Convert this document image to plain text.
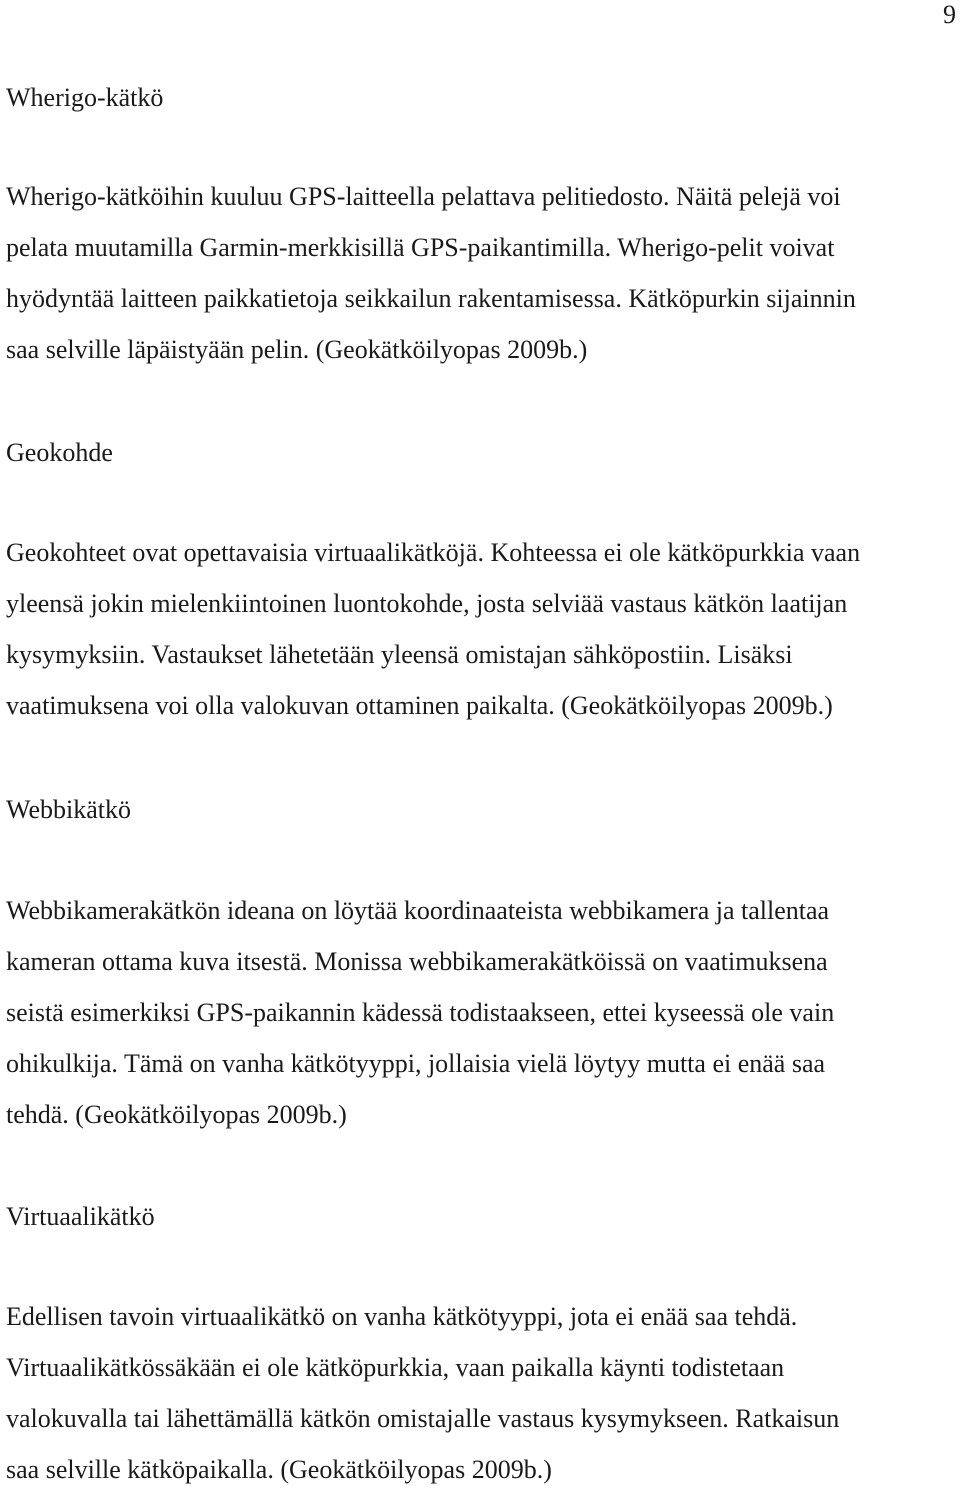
9
Wherigo-kätkö
Wherigo-kätköihin kuuluu GPS-laitteella pelattava pelitiedosto. Näitä pelejä voi
pelata muutamilla Garmin-merkkisillä GPS-paikantimilla. Wherigo-pelit voivat
hyödyntää laitteen paikkatietoja seikkailun rakentamisessa. Kätköpurkin sijainnin
saa selville läpäistyään pelin. (Geokätköilyopas 2009b.)
Geokohde
Geokohteet ovat opettavaisia virtuaalikätköjä. Kohteessa ei ole kätköpurkkia vaan
yleensä jokin mielenkiintoinen luontokohde, josta selviää vastaus kätkön laatijan
kysymyksiin. Vastaukset lähetetään yleensä omistajan sähköpostiin. Lisäksi
vaatimuksena voi olla valokuvan ottaminen paikalta. (Geokätköilyopas 2009b.)
Webbikätkö
Webbikamerakätkön ideana on löytää koordinaateista webbikamera ja tallentaa
kameran ottama kuva itsestä. Monissa webbikamerakätköissä on vaatimuksena
seistä esimerkiksi GPS-paikannin kädessä todistaakseen, ettei kyseessä ole vain
ohikulkija. Tämä on vanha kätkötyyppi, jollaisia vielä löytyy mutta ei enää saa
tehdä. (Geokätköilyopas 2009b.)
Virtuaalikätkö
Edellisen tavoin virtuaalikätkö on vanha kätkötyyppi, jota ei enää saa tehdä.
Virtuaalikätkössäkään ei ole kätköpurkkia, vaan paikalla käynti todistetaan
valokuvalla tai lähettämällä kätkön omistajalle vastaus kysymykseen. Ratkaisun
saa selville kätköpaikalla. (Geokätköilyopas 2009b.)
